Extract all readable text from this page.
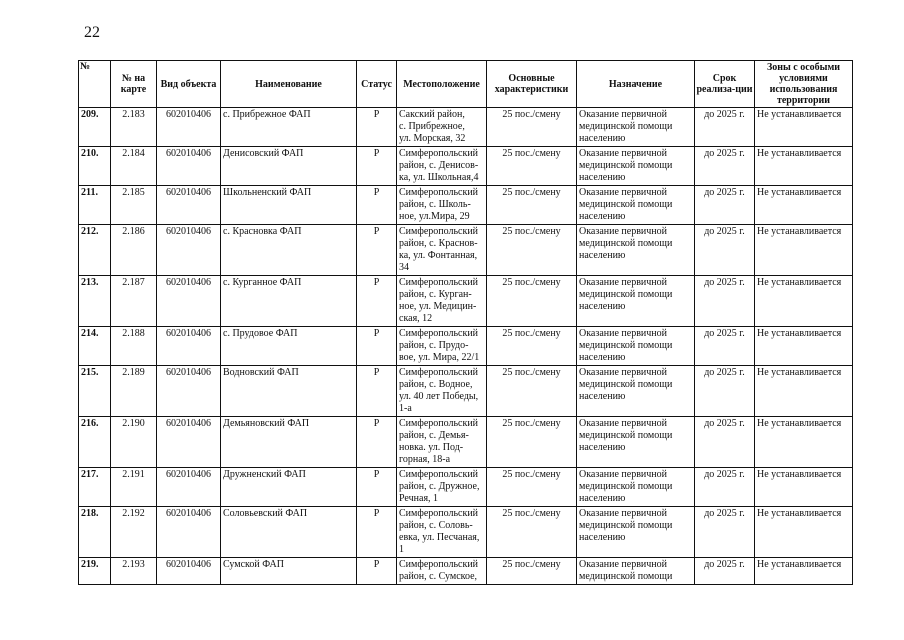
22
№	№ на карте	Вид объекта	Наименование	Статус	Местоположение	Основные характеристики	Назначение	Срок реализа-ции	Зоны с особыми условиями использования территории
209.	2.183	602010406	с. Прибрежное ФАП	Р	Сакский район,
с. Прибрежное,
ул. Морская, 32	25 пос./смену	Оказание первичной
медицинской помощи
населению	до 2025 г.	Не устанавливается
210.	2.184	602010406	Денисовский ФАП	Р	Симферопольский
район, с. Денисов-
ка, ул. Школьная,4	25 пос./смену	Оказание первичной
медицинской помощи
населению	до 2025 г.	Не устанавливается
211.	2.185	602010406	Школьненский ФАП	Р	Симферопольский
район, с. Школь-
ное, ул.Мира, 29	25 пос./смену	Оказание первичной
медицинской помощи
населению	до 2025 г.	Не устанавливается
212.	2.186	602010406	с. Красновка ФАП	Р	Симферопольский
район, с. Краснов-
ка, ул. Фонтанная,
34	25 пос./смену	Оказание первичной
медицинской помощи
населению	до 2025 г.	Не устанавливается
213.	2.187	602010406	с. Курганное ФАП	Р	Симферопольский
район, с. Курган-
ное, ул. Медицин-
ская, 12	25 пос./смену	Оказание первичной
медицинской помощи
населению	до 2025 г.	Не устанавливается
214.	2.188	602010406	с. Прудовое ФАП	Р	Симферопольский
район, с. Прудо-
вое, ул. Мира, 22/1	25 пос./смену	Оказание первичной
медицинской помощи
населению	до 2025 г.	Не устанавливается
215.	2.189	602010406	Водновский ФАП	Р	Симферопольский
район, с. Водное,
ул. 40 лет Победы,
1-а	25 пос./смену	Оказание первичной
медицинской помощи
населению	до 2025 г.	Не устанавливается
216.	2.190	602010406	Демьяновский ФАП	Р	Симферопольский
район, с. Демья-
новка. ул. Под-
горная, 18-а	25 пос./смену	Оказание первичной
медицинской помощи
населению	до 2025 г.	Не устанавливается
217.	2.191	602010406	Дружненский ФАП	Р	Симферопольский
район, с. Дружное,
Речная, 1	25 пос./смену	Оказание первичной
медицинской помощи
населению	до 2025 г.	Не устанавливается
218.	2.192	602010406	Соловьевский ФАП	Р	Симферопольский
район, с. Соловь-
евка, ул. Песчаная,
1	25 пос./смену	Оказание первичной
медицинской помощи
населению	до 2025 г.	Не устанавливается
219.	2.193	602010406	Сумской ФАП	Р	Симферопольский
район, с. Сумское,	25 пос./смену	Оказание первичной
медицинской помощи	до 2025 г.	Не устанавливается
